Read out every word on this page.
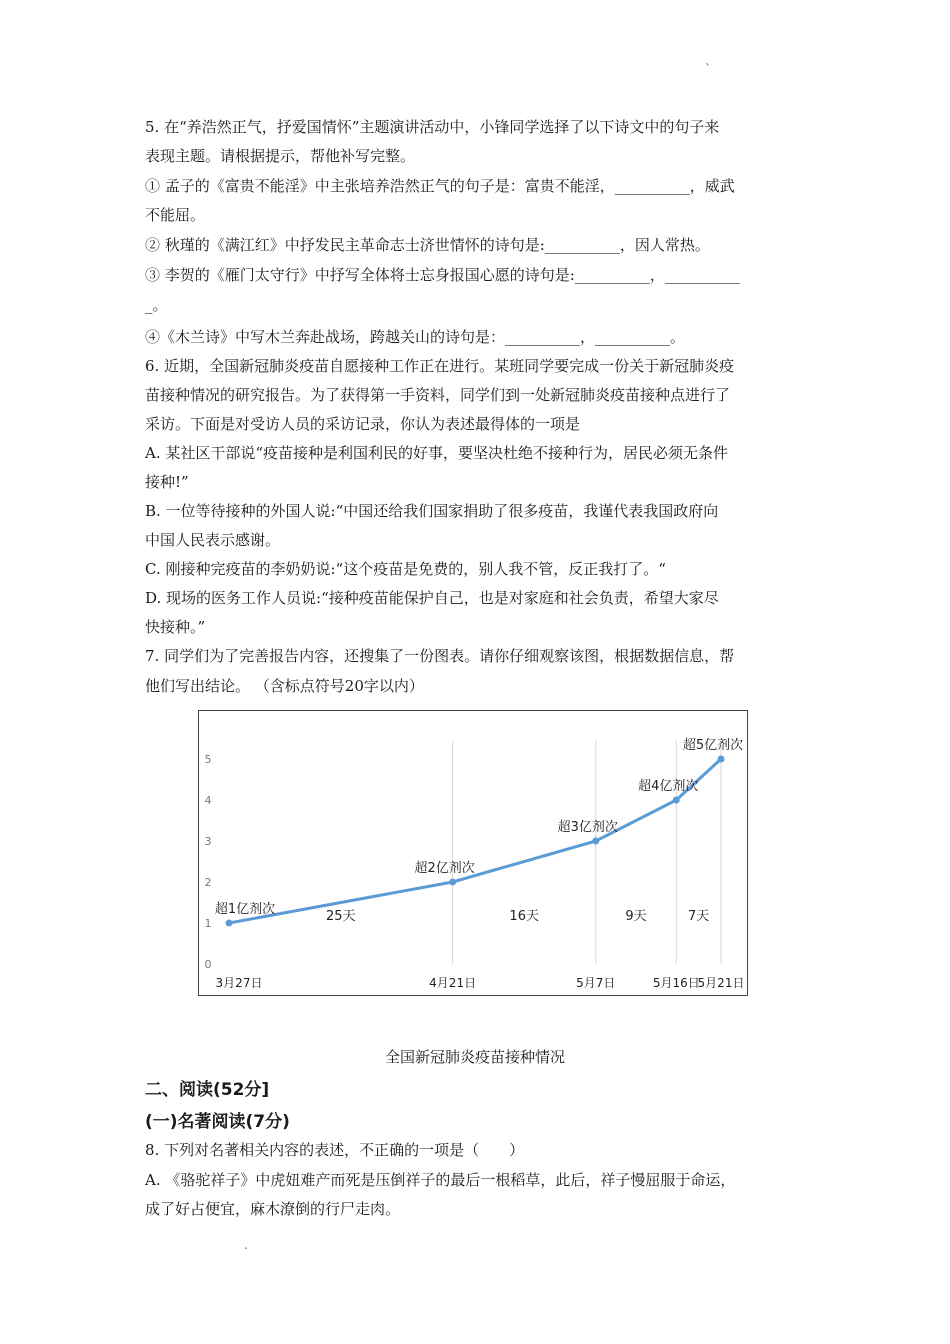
`
5. 在“养浩然正气，抒爱国情怀”主题演讲活动中，小锋同学选择了以下诗文中的句子来
表现主题。请根据提示，帮他补写完整。
① 孟子的《富贵不能淫》中主张培养浩然正气的句子是：富贵不能淫，__________，威武
不能屈。
② 秋瑾的《满江红》中抒发民主革命志士济世情怀的诗句是:__________，因人常热。
③ 李贺的《雁门太守行》中抒写全体将士忘身报国心愿的诗句是:__________，__________
_。
④《木兰诗》中写木兰奔赴战场，跨越关山的诗句是：__________，__________。
6. 近期，全国新冠肺炎疫苗自愿接种工作正在进行。某班同学要完成一份关于新冠肺炎疫
苗接种情况的研究报告。为了获得第一手资料，同学们到一处新冠肺炎疫苗接种点进行了
采访。下面是对受访人员的采访记录，你认为表述最得体的一项是
A. 某社区干部说“疫苗接种是利国利民的好事，要坚决杜绝不接种行为，居民必须无条件
接种!”
B. 一位等待接种的外国人说:“中国还给我们国家捐助了很多疫苗，我谨代表我国政府向
中国人民表示感谢。
C. 刚接种完疫苗的李奶奶说:“这个疫苗是免费的，别人我不管，反正我打了。“
D. 现场的医务工作人员说:“接种疫苗能保护自己，也是对家庭和社会负责，希望大家尽
快接种。”
7. 同学们为了完善报告内容，还搜集了一份图表。请你仔细观察该图，根据数据信息，帮
他们写出结论。 （含标点符号20字以内）
0
1
2
3
4
5
3月27日	4月21日	5月7日	5月16日
5月21日
超1亿剂次
超2亿剂次
超3亿剂次
超4亿剂次
超5亿剂次
25天	16天	9天	7天
全国新冠肺炎疫苗接种情况
二、阅读(52分]
(一)名著阅读(7分)
8. 下列对名著相关内容的表述，不正确的一项是（　　）
A. 《骆驼祥子》中虎妞难产而死是压倒祥子的最后一根稻草，此后，祥子慢屈服于命运，
成了好占便宜，麻木潦倒的行尸走肉。
.
